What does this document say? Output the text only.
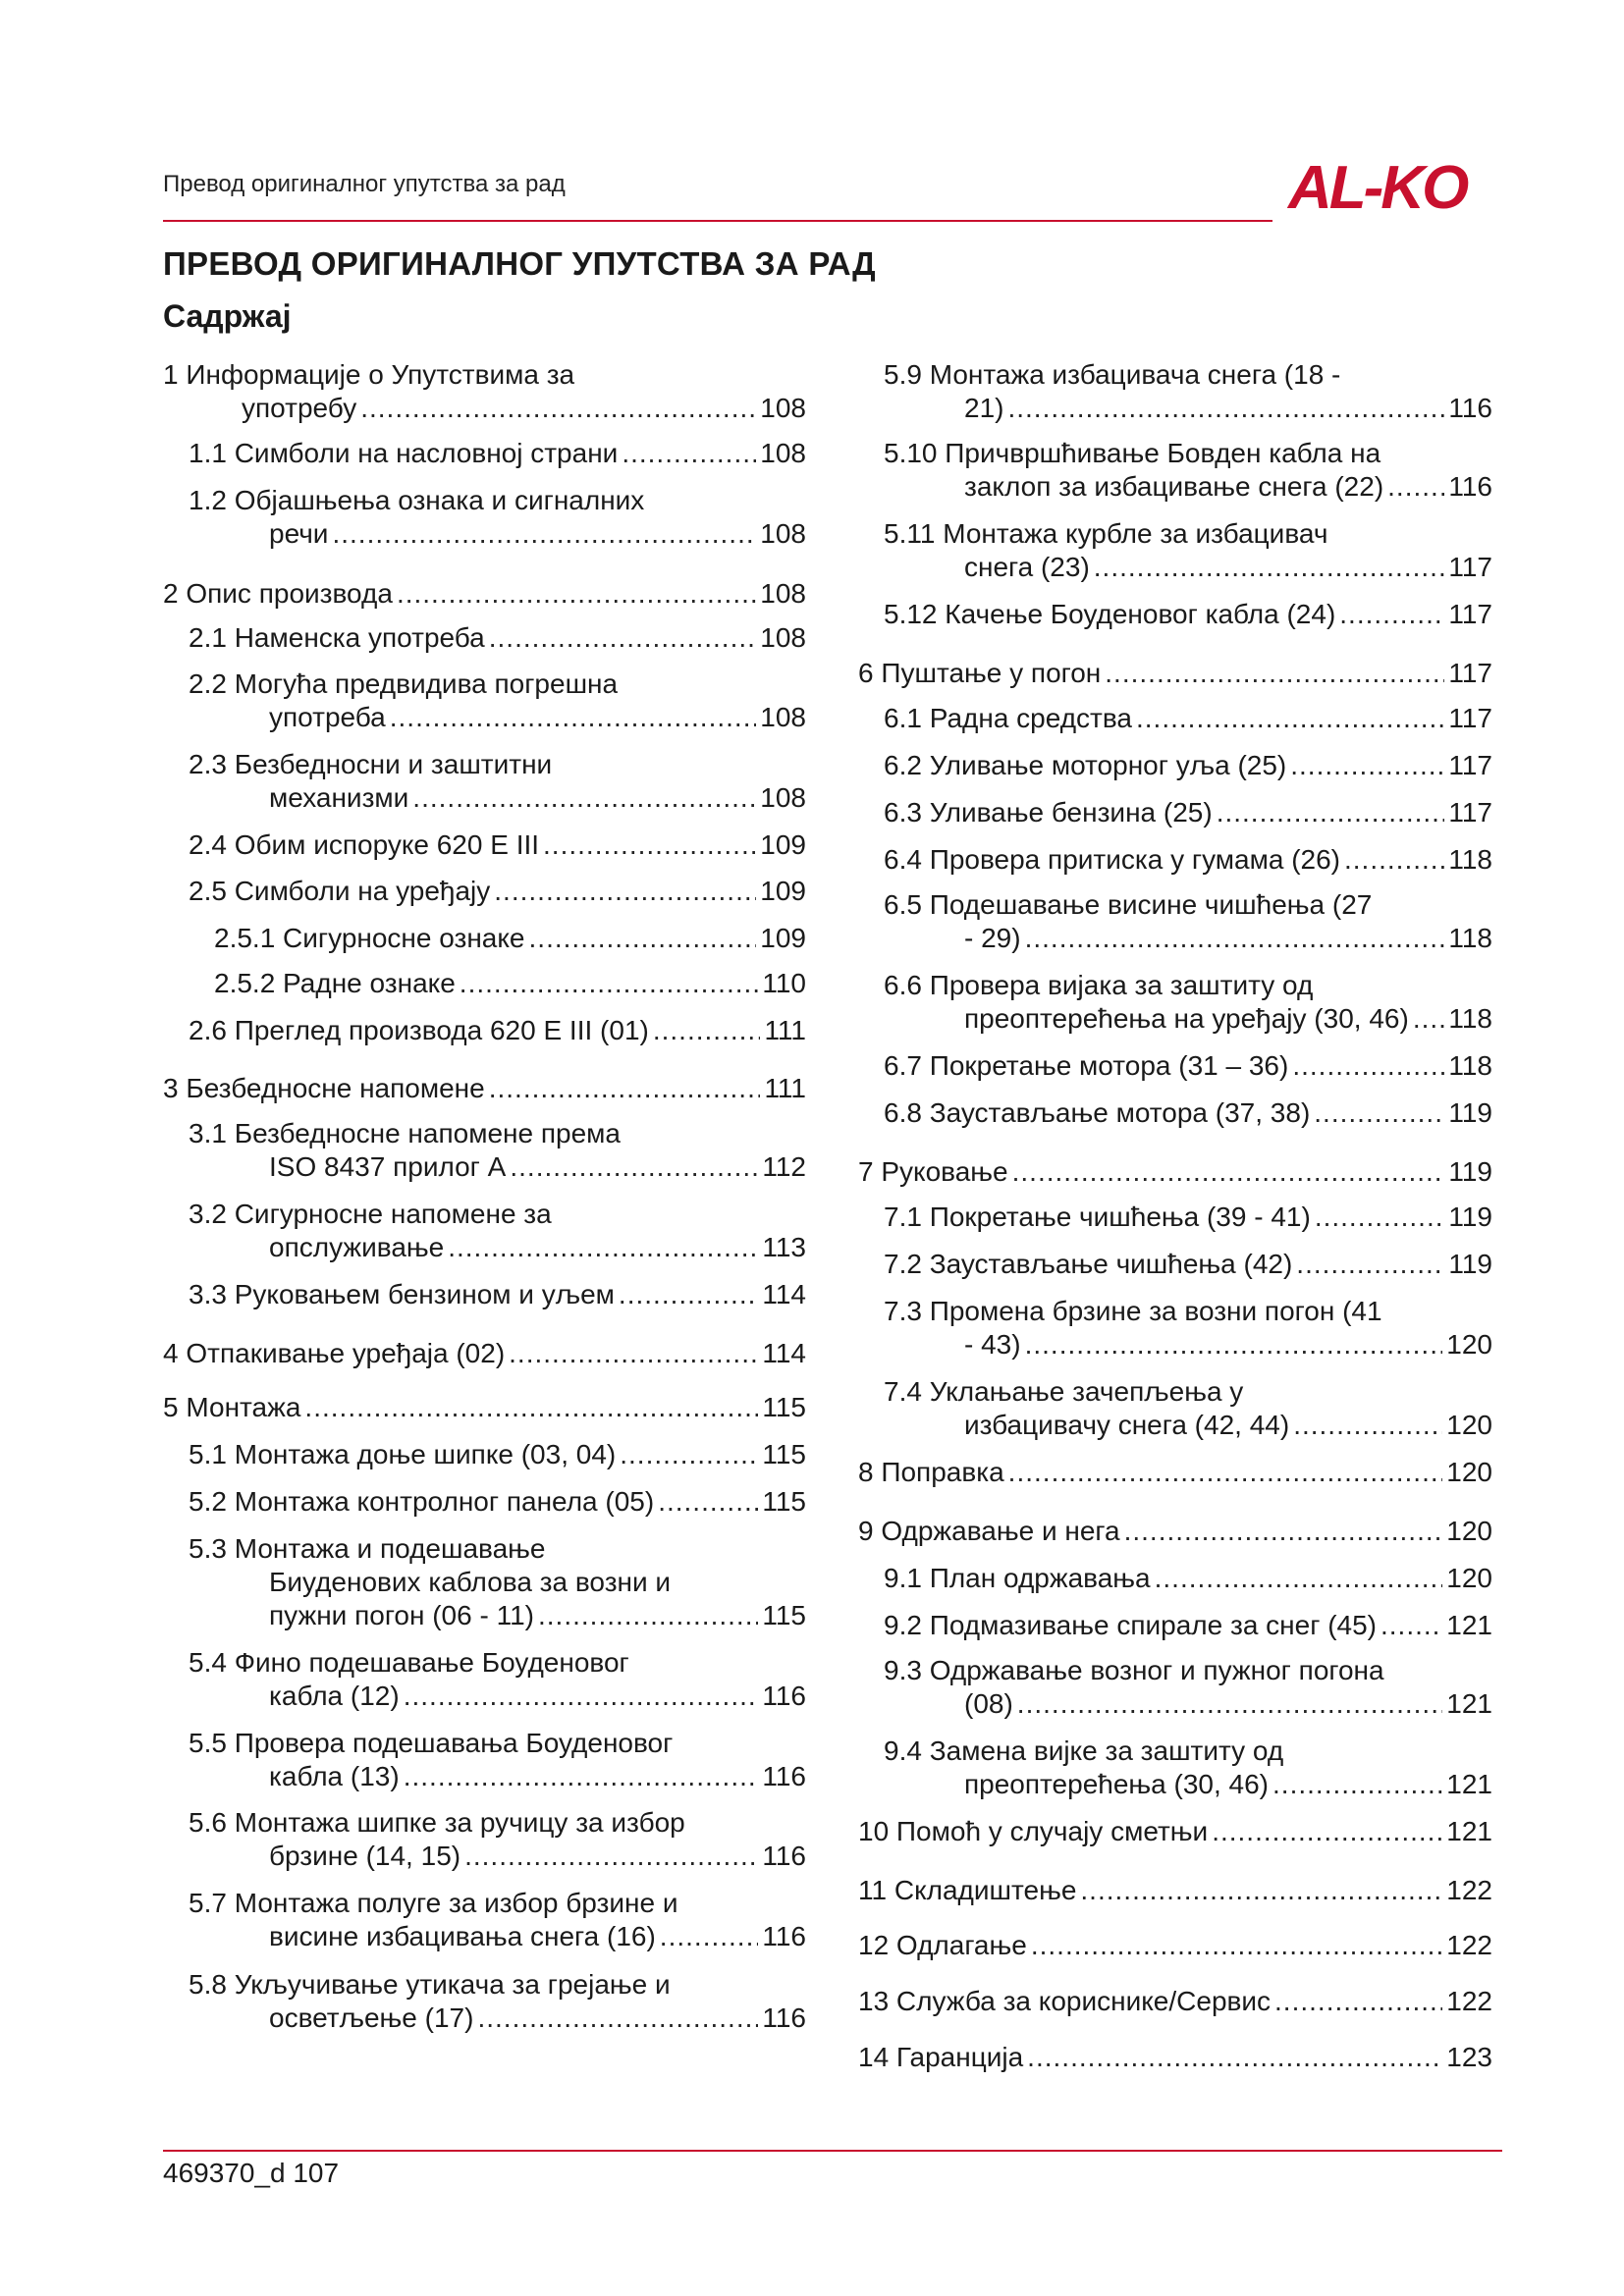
Превод оригиналног упутства за рад	AL-KO
ПРЕВОД ОРИГИНАЛНОГ УПУТСТВА ЗА РАД
Садржај
1 Информације о Упутствима за
употребу .....	108
1.1 Симболи на насловној страни .....	108
1.2 Објашњења ознака и сигналних
речи .....	108
2 Опис производа .....	108
2.1 Наменска употреба .....	108
2.2 Могућа предвидива погрешна
употреба .....	108
2.3 Безбедносни и заштитни
механизми .....	108
2.4 Обим испоруке 620 E III .....	109
2.5 Симболи на уређају .....	109
2.5.1 Сигурносне ознаке .....	109
2.5.2 Радне ознаке .....	110
2.6 Преглед производа 620 E III (01) .....	111
3 Безбедносне напомене .....	111
3.1 Безбедносне напомене према
ISO 8437 прилог A .....	112
3.2 Сигурносне напомене за
опслуживање .....	113
3.3 Руковањем бензином и уљем .....	114
4 Отпакивање уређаја (02) .....	114
5 Монтажа .....	115
5.1 Монтажа доње шипке (03, 04) .....	115
5.2 Монтажа контролног панела (05) .....	115
5.3 Монтажа и подешавање
Биуденових каблова за возни и
пужни погон (06 - 11) .....	115
5.4 Фино подешавање Боуденовог
кабла (12) .....	116
5.5 Провера подешавања Боуденовог
кабла (13) .....	116
5.6 Монтажа шипке за ручицу за избор
брзине (14, 15) .....	116
5.7 Монтажа полуге за избор брзине и
висине избацивања снега (16) .....	116
5.8 Укључивање утикача за грејање и
осветљење (17) .....	116
5.9 Монтажа избацивача снега (18 -
21) .....	116
5.10 Причвршћивање Бовден кабла на
заклоп за избацивање снега (22) ..... 116
5.11 Монтажа курбле за избацивач
снега (23) .....	117
5.12 Качење Боуденовог кабла (24) .....	117
6 Пуштање у погон .....	117
6.1 Радна средства .....	117
6.2 Уливање моторног уља (25) .....	117
6.3 Уливање бензина (25) .....	117
6.4 Провера притиска у гумама (26) .....	118
6.5 Подешавање висине чишћења (27
- 29) .....	118
6.6 Провера вијака за заштиту од
преоптерећења на уређају (30, 46) ..... 118
6.7 Покретање мотора (31 – 36) .....	118
6.8 Заустављање мотора (37, 38) .....	119
7 Руковање .....	119
7.1 Покретање чишћења (39 - 41) .....	119
7.2 Заустављање чишћења (42) .....	119
7.3 Промена брзине за возни погон (41
- 43) .....	120
7.4 Уклањање зачепљења у
избацивачу снега (42, 44) .....	120
8 Поправка .....	120
9 Одржавање и нега .....	120
9.1 План одржавања .....	120
9.2 Подмазивање спирале за снег (45) .....	121
9.3 Одржавање возног и пужног погона
(08) .....	121
9.4 Замена вијке за заштиту од
преоптерећења (30, 46) .....	121
10 Помоћ у случају сметњи .....	121
11 Складиштење .....	122
12 Одлагање .....	122
13 Служба за кориснике/Сервис .....	122
14 Гаранција .....	123
469370_d 107
